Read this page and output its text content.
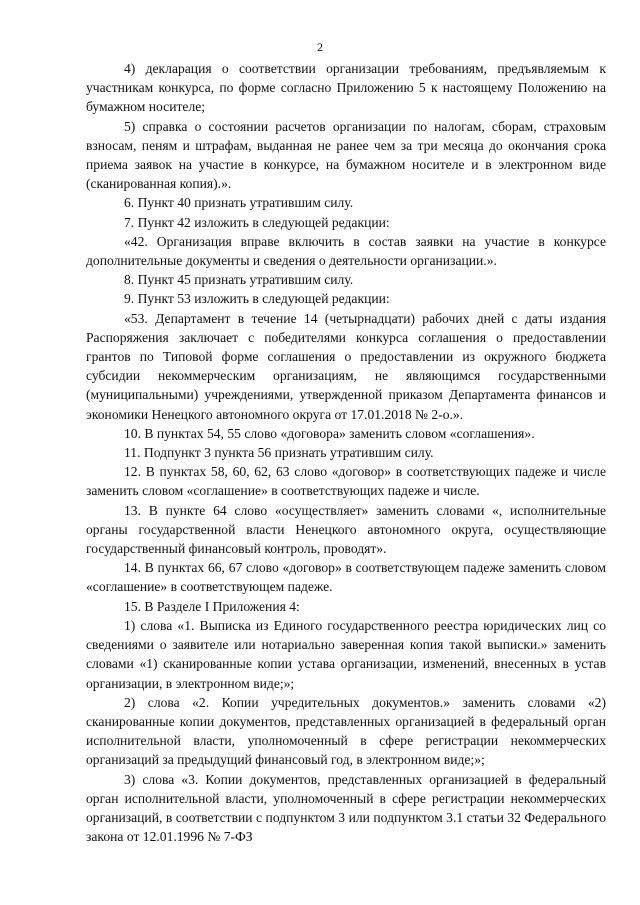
2

4) декларация о соответствии организации требованиям, предъявляемым к участникам конкурса, по форме согласно Приложению 5 к настоящему Положению на бумажном носителе;

5) справка о состоянии расчетов организации по налогам, сборам, страховым взносам, пеням и штрафам, выданная не ранее чем за три месяца до окончания срока приема заявок на участие в конкурсе, на бумажном носителе и в электронном виде (сканированная копия).».

6. Пункт 40 признать утратившим силу.

7. Пункт 42 изложить в следующей редакции:

«42. Организация вправе включить в состав заявки на участие в конкурсе дополнительные документы и сведения о деятельности организации.».

8. Пункт 45 признать утратившим силу.

9. Пункт 53 изложить в следующей редакции:

«53. Департамент в течение 14 (четырнадцати) рабочих дней с даты издания Распоряжения заключает с победителями конкурса соглашения о предоставлении грантов по Типовой форме соглашения о предоставлении из окружного бюджета субсидии некоммерческим организациям, не являющимся государственными (муниципальными) учреждениями, утвержденной приказом Департамента финансов и экономики Ненецкого автономного округа от 17.01.2018 № 2-о.».

10. В пунктах 54, 55 слово «договора» заменить словом «соглашения».

11. Подпункт 3 пункта 56 признать утратившим силу.

12. В пунктах 58, 60, 62, 63 слово «договор» в соответствующих падеже и числе заменить словом «соглашение» в соответствующих падеже и числе.

13. В пункте 64 слово «осуществляет» заменить словами «, исполнительные органы государственной власти Ненецкого автономного округа, осуществляющие государственный финансовый контроль, проводят».

14. В пунктах 66, 67 слово «договор» в соответствующем падеже заменить словом «соглашение» в соответствующем падеже.

15. В Разделе I Приложения 4:

1) слова «1. Выписка из Единого государственного реестра юридических лиц со сведениями о заявителе или нотариально заверенная копия такой выписки.» заменить словами «1) сканированные копии устава организации, изменений, внесенных в устав организации, в электронном виде;»;

2) слова «2. Копии учредительных документов.» заменить словами «2) сканированные копии документов, представленных организацией в федеральный орган исполнительной власти, уполномоченный в сфере регистрации некоммерческих организаций за предыдущий финансовый год, в электронном виде;»;

3) слова «3. Копии документов, представленных организацией в федеральный орган исполнительной власти, уполномоченный в сфере регистрации некоммерческих организаций, в соответствии с подпунктом 3 или подпунктом 3.1 статьи 32 Федерального закона от 12.01.1996 № 7-ФЗ
